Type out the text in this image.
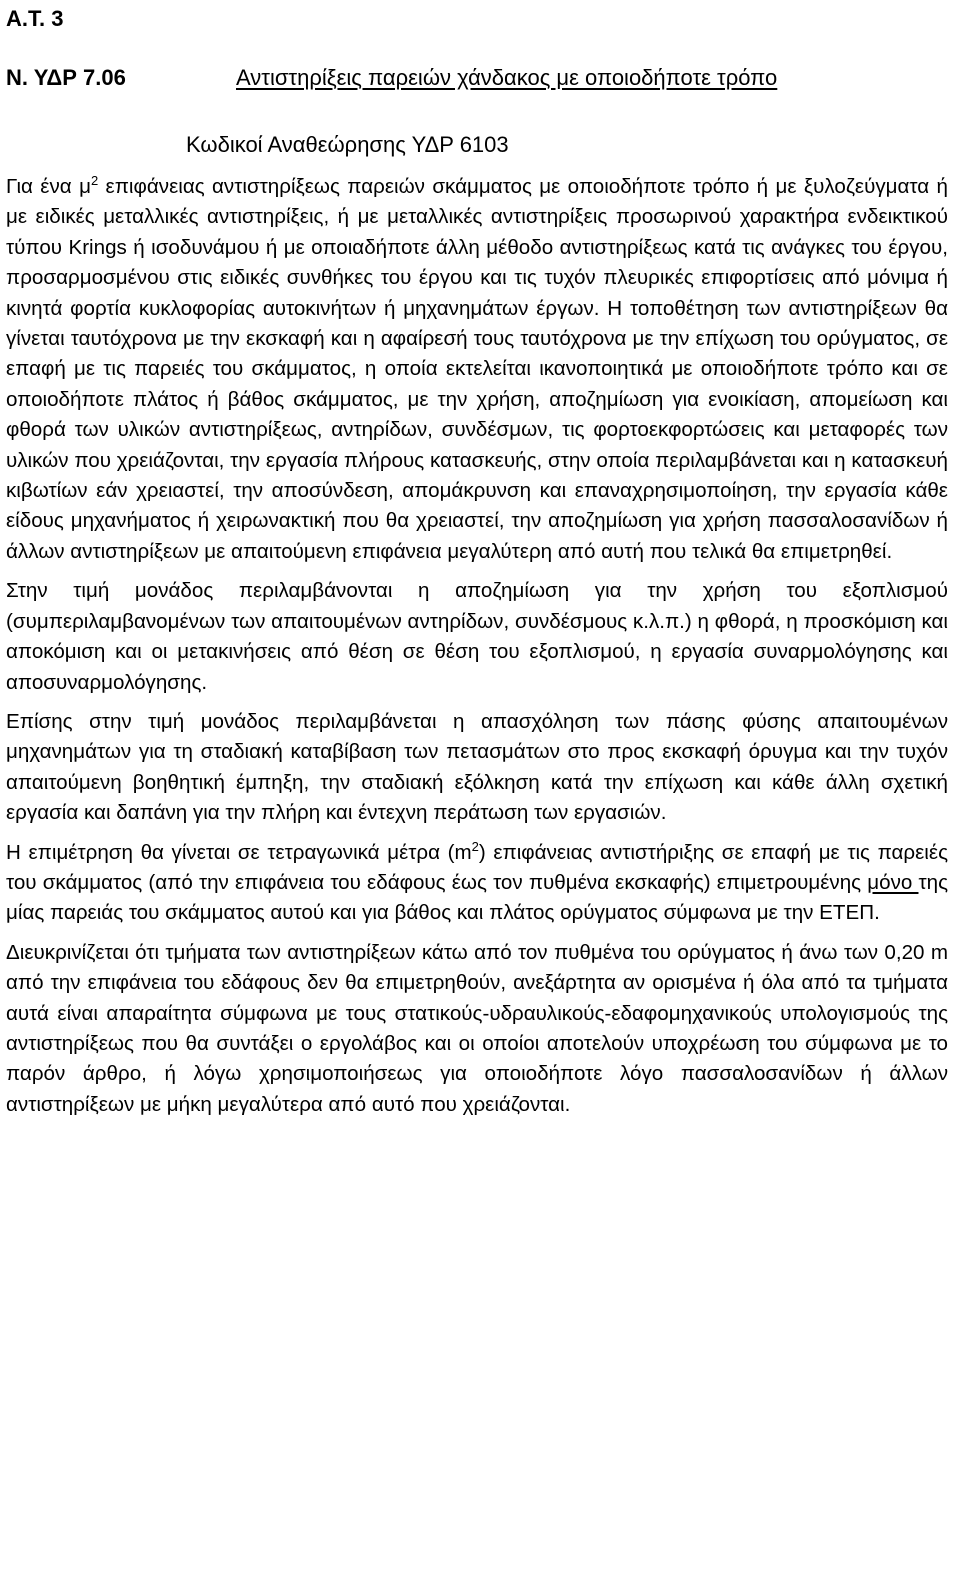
Α.Τ. 3
Ν. ΥΔΡ 7.06	Αντιστηρίξεις παρειών χάνδακος με οποιοδήποτε τρόπο
Κωδικοί Αναθεώρησης ΥΔΡ 6103

Για ένα $\mu^2$ επιφάνειας αντιστηρίξεως παρειών σκάμματος με οποιοδήποτε τρόπο ή με ξυλοζεύγματα ή με ειδικές μεταλλικές αντιστηρίξεις, ή με μεταλλικές αντιστηρίξεις προσωρινού χαρακτήρα ενδεικτικού τύπου Krings ή ισοδυνάμου ή με οποιαδήποτε άλλη μέθοδο αντιστηρίξεως κατά τις ανάγκες του έργου, προσαρμοσμένου στις ειδικές συνθήκες του έργου και τις τυχόν πλευρικές επιφορτίσεις από μόνιμα ή κινητά φορτία κυκλοφορίας αυτοκινήτων ή μηχανημάτων έργων. Η τοποθέτηση των αντιστηρίξεων θα γίνεται ταυτόχρονα με την εκσκαφή και η αφαίρεσή τους ταυτόχρονα με την επίχωση του ορύγματος, σε επαφή με τις παρειές του σκάμματος, η οποία εκτελείται ικανοποιητικά με οποιοδήποτε τρόπο και σε οποιοδήποτε πλάτος ή βάθος σκάμματος, με την χρήση, αποζημίωση για ενοικίαση, απομείωση και φθορά των υλικών αντιστηρίξεως, αντηρίδων, συνδέσμων, τις φορτοεκφορτώσεις και μεταφορές των υλικών που χρειάζονται, την εργασία πλήρους κατασκευής, στην οποία περιλαμβάνεται και η κατασκευή κιβωτίων εάν χρειαστεί, την αποσύνδεση, απομάκρυνση και επαναχρησιμοποίηση, την εργασία κάθε είδους μηχανήματος ή χειρωνακτική που θα χρειαστεί, την αποζημίωση για χρήση πασσαλοσανίδων ή άλλων αντιστηρίξεων με απαιτούμενη επιφάνεια μεγαλύτερη από αυτή που τελικά θα επιμετρηθεί.

Στην τιμή μονάδος περιλαμβάνονται η αποζημίωση για την χρήση του εξοπλισμού (συμπεριλαμβανομένων των απαιτουμένων αντηρίδων, συνδέσμους κ.λ.π.) η φθορά, η προσκόμιση και αποκόμιση και οι μετακινήσεις από θέση σε θέση του εξοπλισμού, η εργασία συναρμολόγησης και αποσυναρμολόγησης.

Επίσης στην τιμή μονάδος περιλαμβάνεται η απασχόληση των πάσης φύσης απαιτουμένων μηχανημάτων για τη σταδιακή καταβίβαση των πετασμάτων στο προς εκσκαφή όρυγμα και την τυχόν απαιτούμενη βοηθητική έμπηξη, την σταδιακή εξόλκηση κατά την επίχωση και κάθε άλλη σχετική εργασία και δαπάνη για την πλήρη και έντεχνη περάτωση των εργασιών.

Η επιμέτρηση θα γίνεται σε τετραγωνικά μέτρα $(m^2)$ επιφάνειας αντιστήριξης σε επαφή με τις παρειές του σκάμματος (από την επιφάνεια του εδάφους έως τον πυθμένα εκσκαφής) επιμετρουμένης μόνο της μίας παρειάς του σκάμματος αυτού και για βάθος και πλάτος ορύγματος σύμφωνα με την ΕΤΕΠ.

Διευκρινίζεται ότι τμήματα των αντιστηρίξεων κάτω από τον πυθμένα του ορύγματος ή άνω των 0,20 m από την επιφάνεια του εδάφους δεν θα επιμετρηθούν, ανεξάρτητα αν ορισμένα ή όλα από τα τμήματα αυτά είναι απαραίτητα σύμφωνα με τους στατικούς-υδραυλικούς-εδαφομηχανικούς υπολογισμούς της αντιστηρίξεως που θα συντάξει ο εργολάβος και οι οποίοι αποτελούν υποχρέωση του σύμφωνα με το παρόν άρθρο, ή λόγω χρησιμοποιήσεως για οποιοδήποτε λόγο πασσαλοσανίδων ή άλλων αντιστηρίξεων με μήκη μεγαλύτερα από αυτό που χρειάζονται.
